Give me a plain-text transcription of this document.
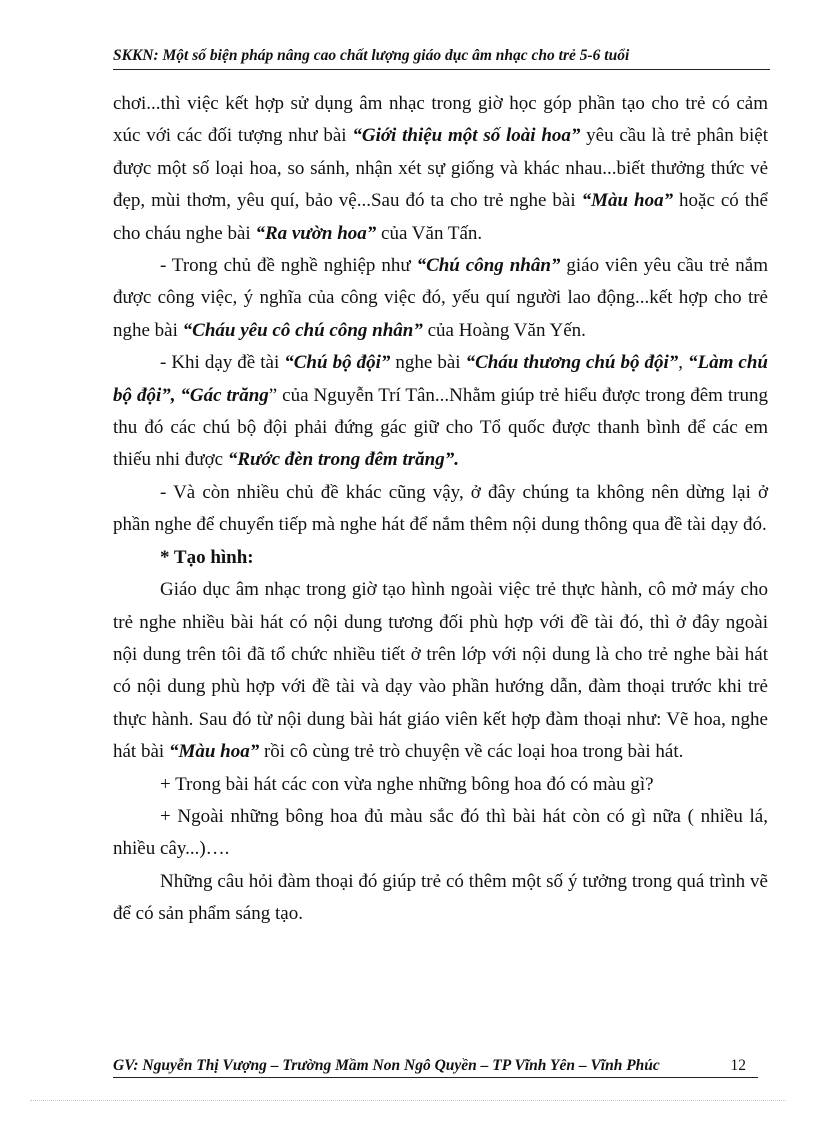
SKKN: Một số biện pháp nâng cao chất lượng giáo dục âm nhạc cho trẻ 5-6 tuổi

chơi...thì việc kết hợp sử dụng âm nhạc trong giờ học góp phần tạo cho trẻ có cảm xúc với các đối tượng như bài “Giới thiệu một số loài hoa” yêu cầu là trẻ phân biệt được một số loại hoa, so sánh, nhận xét sự giống và khác nhau...biết thưởng thức vẻ đẹp, mùi thơm, yêu quí, bảo vệ...Sau đó ta cho trẻ nghe bài “Màu hoa” hoặc có thể cho cháu nghe bài “Ra vườn hoa” của Văn Tấn.

- Trong chủ đề nghề nghiệp như “Chú công nhân” giáo viên yêu cầu trẻ nắm được công việc, ý nghĩa của công việc đó, yếu quí người lao động...kết hợp cho trẻ nghe bài “Cháu yêu cô chú công nhân” của Hoàng Văn Yến.

- Khi dạy đề tài “Chú bộ đội” nghe bài “Cháu thương chú bộ đội”, “Làm chú bộ đội”, “Gác trăng” của Nguyễn Trí Tân...Nhằm giúp trẻ hiểu được trong đêm trung thu đó các chú bộ đội phải đứng gác giữ cho Tổ quốc được thanh bình để các em thiếu nhi được “Rước đèn trong đêm trăng”.

- Và còn nhiều chủ đề khác cũng vậy, ở đây chúng ta không nên dừng lại ở phần nghe để chuyển tiếp mà nghe hát để nắm thêm nội dung thông qua đề tài dạy đó.

* Tạo hình:

Giáo dục âm nhạc trong giờ tạo hình ngoài việc trẻ thực hành, cô mở máy cho trẻ nghe nhiều bài hát có nội dung tương đối phù hợp với đề tài đó, thì ở đây ngoài nội dung trên tôi đã tổ chức nhiều tiết ở trên lớp với nội dung là cho trẻ nghe bài hát có nội dung phù hợp với đề tài và dạy vào phần hướng dẫn, đàm thoại trước khi trẻ thực hành. Sau đó từ nội dung bài hát giáo viên kết hợp đàm thoại như: Vẽ hoa, nghe hát bài “Màu hoa” rồi cô cùng trẻ trò chuyện về các loại hoa trong bài hát.

+ Trong bài hát các con vừa nghe những bông hoa đó có màu gì?

+ Ngoài những bông hoa đủ màu sắc đó thì bài hát còn có gì nữa ( nhiều lá, nhiều cây...)….

Những câu hỏi đàm thoại đó giúp trẻ có thêm một số ý tưởng trong quá trình vẽ để có sản phẩm sáng tạo.

GV: Nguyễn Thị Vượng – Trường Mầm Non Ngô Quyền – TP Vĩnh Yên – Vĩnh Phúc	12
